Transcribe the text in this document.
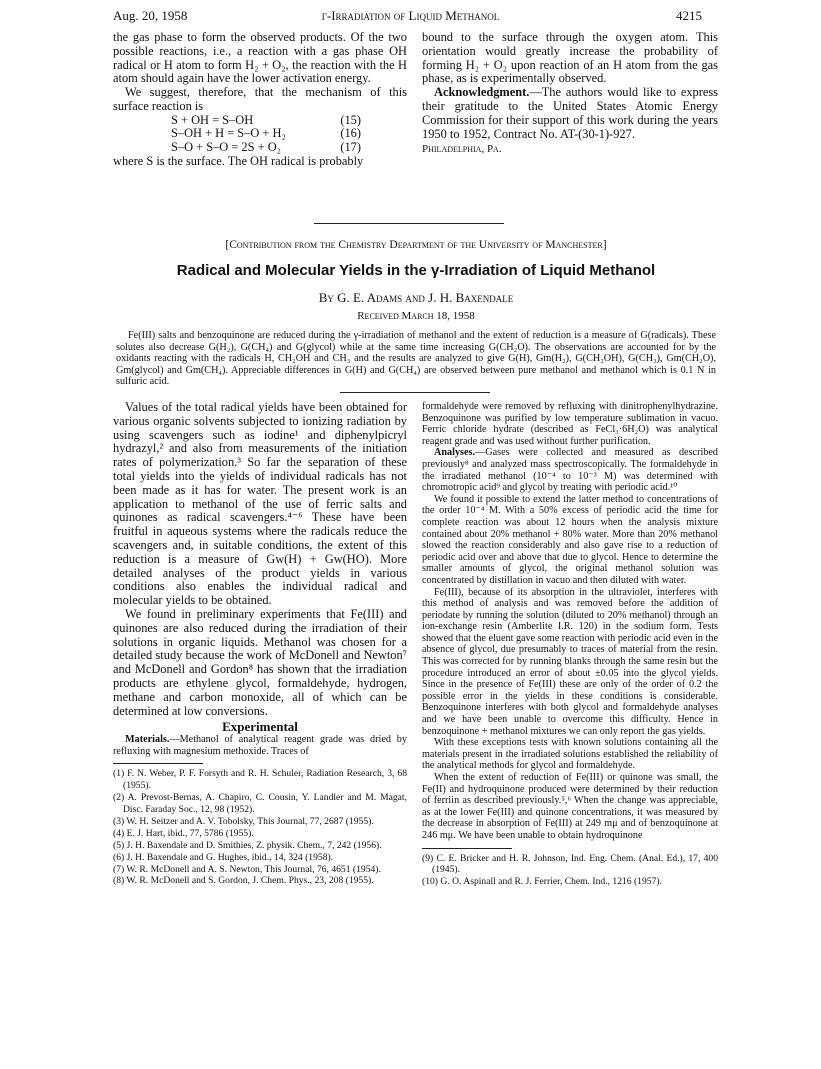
Aug. 20, 1958	γ-Irradiation of Liquid Methanol	4215

the gas phase to form the observed products. Of the two possible reactions, i.e., a reaction with a gas phase OH radical or H atom to form H₂ + O₂, the reaction with the H atom should again have the lower activation energy.

We suggest, therefore, that the mechanism of this surface reaction is

S + OH = S–OH	(15)
S–OH + H = S–O + H₂	(16)
S–O + S–O = 2S + O₂	(17)

where S is the surface. The OH radical is probably

bound to the surface through the oxygen atom. This orientation would greatly increase the probability of forming H₂ + O₂ upon reaction of an H atom from the gas phase, as is experimentally observed.

Acknowledgment.—The authors would like to express their gratitude to the United States Atomic Energy Commission for their support of this work during the years 1950 to 1952, Contract No. AT-(30-1)-927.

Philadelphia, Pa.

[Contribution from the Chemistry Department of the University of Manchester]
Radical and Molecular Yields in the γ-Irradiation of Liquid Methanol
By G. E. Adams and J. H. Baxendale
Received March 18, 1958
Fe(III) salts and benzoquinone are reduced during the γ-irradiation of methanol and the extent of reduction is a measure of G(radicals). These solutes also decrease G(H₂), G(CH₄) and G(glycol) while at the same time increasing G(CH₂O). The observations are accounted for by the oxidants reacting with the radicals H, CH₂OH and CH₃ and the results are analyzed to give G(H), Gm(H₂), G(CH₂OH), G(CH₃), Gm(CH₂O), Gm(glycol) and Gm(CH₄). Appreciable differences in G(H) and G(CH₄) are observed between pure methanol and methanol which is 0.1 N in sulfuric acid.

Values of the total radical yields have been obtained for various organic solvents subjected to ionizing radiation by using scavengers such as iodine¹ and diphenylpicryl hydrazyl,² and also from measurements of the initiation rates of polymerization.³ So far the separation of these total yields into the yields of individual radicals has not been made as it has for water. The present work is an application to methanol of the use of ferric salts and quinones as radical scavengers.⁴⁻⁶ These have been fruitful in aqueous systems where the radicals reduce the scavengers and, in suitable conditions, the extent of this reduction is a measure of Gw(H) + Gw(HO). More detailed analyses of the product yields in various conditions also enables the individual radical and molecular yields to be obtained.

We found in preliminary experiments that Fe(III) and quinones are also reduced during the irradiation of their solutions in organic liquids. Methanol was chosen for a detailed study because the work of McDonell and Newton⁷ and McDonell and Gordon⁸ has shown that the irradiation products are ethylene glycol, formaldehyde, hydrogen, methane and carbon monoxide, all of which can be determined at low conversions.

Experimental

Materials.—Methanol of analytical reagent grade was dried by refluxing with magnesium methoxide. Traces of

(1) F. N. Weber, P. F. Forsyth and R. H. Schuler, Radiation Research, 3, 68 (1955).

(2) A. Prevost-Bernas, A. Chapiro, C. Cousin, Y. Landler and M. Magat, Disc. Faraday Soc., 12, 98 (1952).

(3) W. H. Seitzer and A. V. Tobolsky, This Journal, 77, 2687 (1955).

(4) E. J. Hart, ibid., 77, 5786 (1955).

(5) J. H. Baxendale and D. Smithies, Z. physik. Chem., 7, 242 (1956).

(6) J. H. Baxendale and G. Hughes, ibid., 14, 324 (1958).

(7) W. R. McDonell and A. S. Newton, This Journal, 76, 4651 (1954).

(8) W. R. McDonell and S. Gordon, J. Chem. Phys., 23, 208 (1955).

formaldehyde were removed by refluxing with dinitrophenylhydrazine. Benzoquinone was purified by low temperature sublimation in vacuo. Ferric chloride hydrate (described as FeCl₃·6H₂O) was analytical reagent grade and was used without further purification.

Analyses.—Gases were collected and measured as described previously⁸ and analyzed mass spectroscopically. The formaldehyde in the irradiated methanol (10⁻⁴ to 10⁻³ M) was determined with chromotropic acid⁹ and glycol by treating with periodic acid.¹⁰

We found it possible to extend the latter method to concentrations of the order 10⁻⁴ M. With a 50% excess of periodic acid the time for complete reaction was about 12 hours when the analysis mixture contained about 20% methanol + 80% water. More than 20% methanol slowed the reaction considerably and also gave rise to a reduction of periodic acid over and above that due to glycol. Hence to determine the smaller amounts of glycol, the original methanol solution was concentrated by distillation in vacuo and then diluted with water.

Fe(III), because of its absorption in the ultraviolet, interferes with this method of analysis and was removed before the addition of periodate by running the solution (diluted to 20% methanol) through an ion-exchange resin (Amberlite I.R. 120) in the sodium form. Tests showed that the eluent gave some reaction with periodic acid even in the absence of glycol, due presumably to traces of material from the resin. This was corrected for by running blanks through the same resin but the procedure introduced an error of about ±0.05 into the glycol yields. Since in the presence of Fe(III) these are only of the order of 0.2 the possible error in the yields in these conditions is considerable. Benzoquinone interferes with both glycol and formaldehyde analyses and we have been unable to overcome this difficulty. Hence in benzoquinone + methanol mixtures we can only report the gas yields.

With these exceptions tests with known solutions containing all the materials present in the irradiated solutions established the reliability of the analytical methods for glycol and formaldehyde.

When the extent of reduction of Fe(III) or quinone was small, the Fe(II) and hydroquinone produced were determined by their reduction of ferriin as described previously.⁵,⁶ When the change was appreciable, as at the lower Fe(III) and quinone concentrations, it was measured by the decrease in absorption of Fe(III) at 249 mμ and of benzoquinone at 246 mμ. We have been unable to obtain hydroquinone

(9) C. E. Bricker and H. R. Johnson, Ind. Eng. Chem. (Anal. Ed.), 17, 400 (1945).

(10) G. O. Aspinall and R. J. Ferrier, Chem. Ind., 1216 (1957).
